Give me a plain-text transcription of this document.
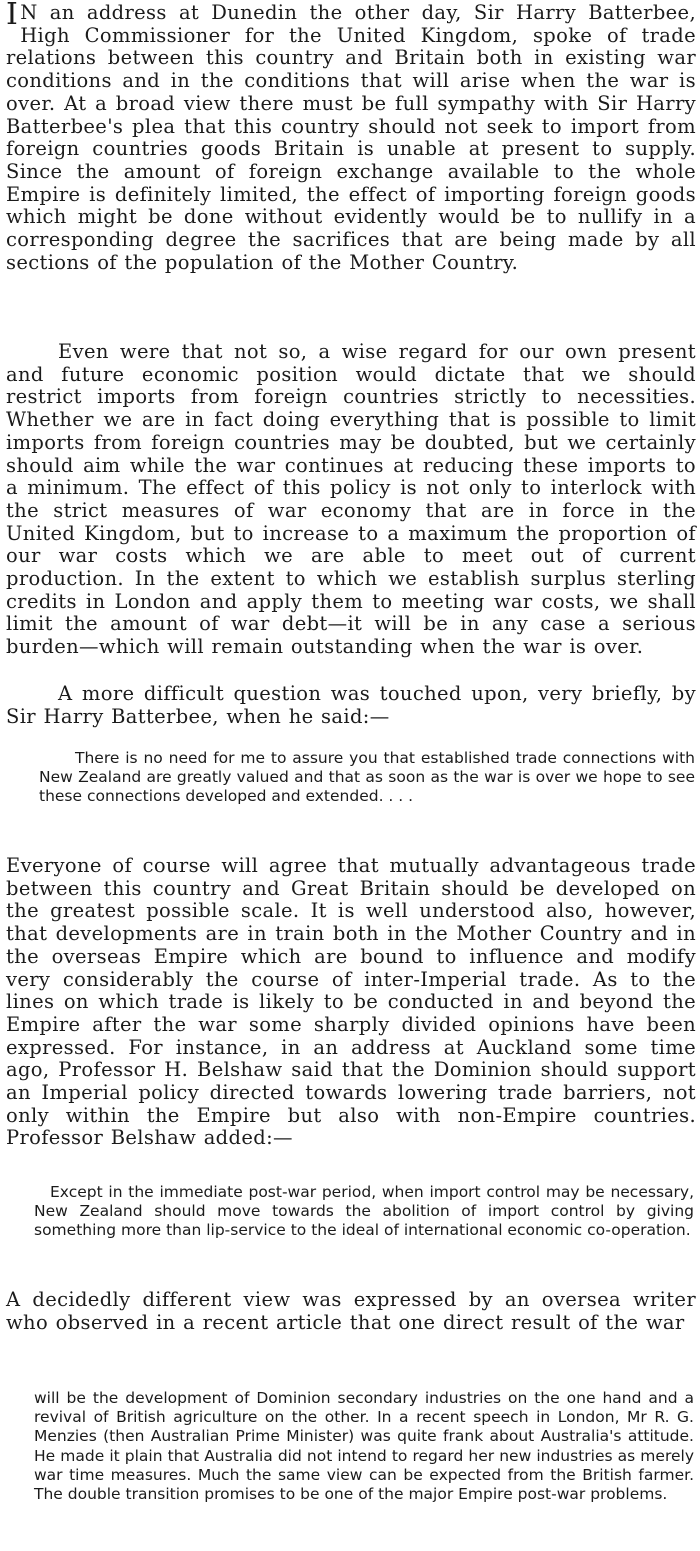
I N an address at Dunedin the other day, Sir Harry Batterbee, High Commissioner for the United Kingdom, spoke of trade relations between this country and Britain both in existing war conditions and in the conditions that will arise when the war is over. At a broad view there must be full sympathy with Sir Harry Batterbee's plea that this country should not seek to import from foreign countries goods Britain is unable at present to supply. Since the amount of foreign exchange available to the whole Empire is definitely limited, the effect of importing foreign goods which might be done without evidently would be to nullify in a corresponding degree the sacrifices that are being made by all sections of the population of the Mother Country.

Even were that not so, a wise regard for our own present and future economic position would dictate that we should restrict imports from foreign countries strictly to necessities. Whether we are in fact doing everything that is possible to limit imports from foreign countries may be doubted, but we certainly should aim while the war continues at reducing these imports to a minimum. The effect of this policy is not only to interlock with the strict measures of war economy that are in force in the United Kingdom, but to increase to a maximum the proportion of our war costs which we are able to meet out of current production. In the extent to which we establish surplus sterling credits in London and apply them to meeting war costs, we shall limit the amount of war debt—it will be in any case a serious burden—which will remain outstanding when the war is over.

A more difficult question was touched upon, very briefly, by Sir Harry Batterbee, when he said:—

There is no need for me to assure you that established trade connections with New Zealand are greatly valued and that as soon as the war is over we hope to see these connections developed and extended. . . .

Everyone of course will agree that mutually advantageous trade between this country and Great Britain should be developed on the greatest possible scale. It is well understood also, however, that developments are in train both in the Mother Country and in the overseas Empire which are bound to influence and modify very considerably the course of inter-Imperial trade. As to the lines on which trade is likely to be conducted in and beyond the Empire after the war some sharply divided opinions have been expressed. For instance, in an address at Auckland some time ago, Professor H. Belshaw said that the Dominion should support an Imperial policy directed towards lowering trade barriers, not only within the Empire but also with non-Empire countries. Professor Belshaw added:—

Except in the immediate post-war period, when import control may be necessary, New Zealand should move towards the abolition of import control by giving something more than lip-service to the ideal of international economic co-operation.

A decidedly different view was expressed by an oversea writer who observed in a recent article that one direct result of the war

will be the development of Dominion secondary industries on the one hand and a revival of British agriculture on the other. In a recent speech in London, Mr R. G. Menzies (then Australian Prime Minister) was quite frank about Australia's attitude. He made it plain that Australia did not intend to regard her new industries as merely war time measures. Much the same view can be expected from the British farmer. The double transition promises to be one of the major Empire post-war problems.
